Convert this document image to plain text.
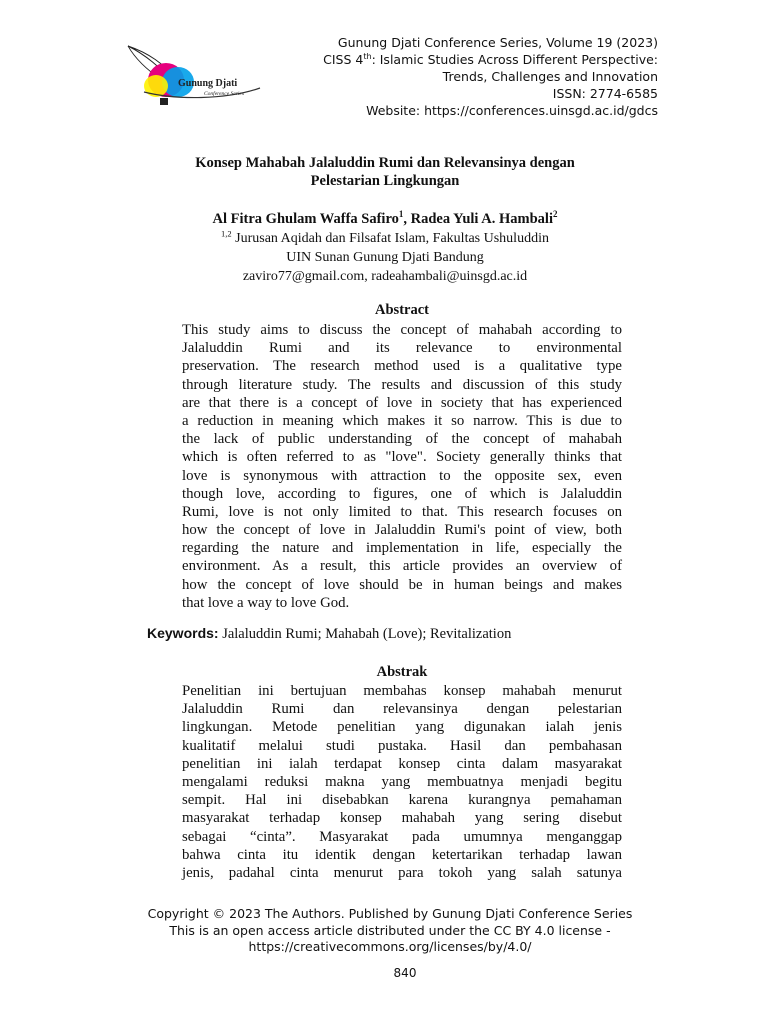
Gunung Djati
Conference Series
Gunung Djati Conference Series, Volume 19 (2023)
CISS 4th: Islamic Studies Across Different Perspective:
Trends, Challenges and Innovation
ISSN: 2774-6585
Website: https://conferences.uinsgd.ac.id/gdcs
Konsep Mahabah Jalaluddin Rumi dan Relevansinya dengan
Pelestarian Lingkungan
Al Fitra Ghulam Waffa Safiro$^1$, Radea Yuli A. Hambali$^2$
$^{1,2}$ Jurusan Aqidah dan Filsafat Islam, Fakultas Ushuluddin
UIN Sunan Gunung Djati Bandung
zaviro77@gmail.com, radeahambali@uinsgd.ac.id
Abstract
This study aims to discuss the concept of mahabah according to
Jalaluddin Rumi and its relevance to environmental
preservation. The research method used is a qualitative type
through literature study. The results and discussion of this study
are that there is a concept of love in society that has experienced
a reduction in meaning which makes it so narrow. This is due to
the lack of public understanding of the concept of mahabah
which is often referred to as "love". Society generally thinks that
love is synonymous with attraction to the opposite sex, even
though love, according to figures, one of which is Jalaluddin
Rumi, love is not only limited to that. This research focuses on
how the concept of love in Jalaluddin Rumi's point of view, both
regarding the nature and implementation in life, especially the
environment. As a result, this article provides an overview of
how the concept of love should be in human beings and makes
that love a way to love God.
Keywords: Jalaluddin Rumi; Mahabah (Love); Revitalization
Abstrak
Penelitian ini bertujuan membahas konsep mahabah menurut
Jalaluddin Rumi dan relevansinya dengan pelestarian
lingkungan. Metode penelitian yang digunakan ialah jenis
kualitatif melalui studi pustaka. Hasil dan pembahasan
penelitian ini ialah terdapat konsep cinta dalam masyarakat
mengalami reduksi makna yang membuatnya menjadi begitu
sempit. Hal ini disebabkan karena kurangnya pemahaman
masyarakat terhadap konsep mahabah yang sering disebut
sebagai “cinta”. Masyarakat pada umumnya menganggap
bahwa cinta itu identik dengan ketertarikan terhadap lawan
jenis, padahal cinta menurut para tokoh yang salah satunya
Copyright © 2023 The Authors. Published by Gunung Djati Conference Series
This is an open access article distributed under the CC BY 4.0 license -
https://creativecommons.org/licenses/by/4.0/
840
